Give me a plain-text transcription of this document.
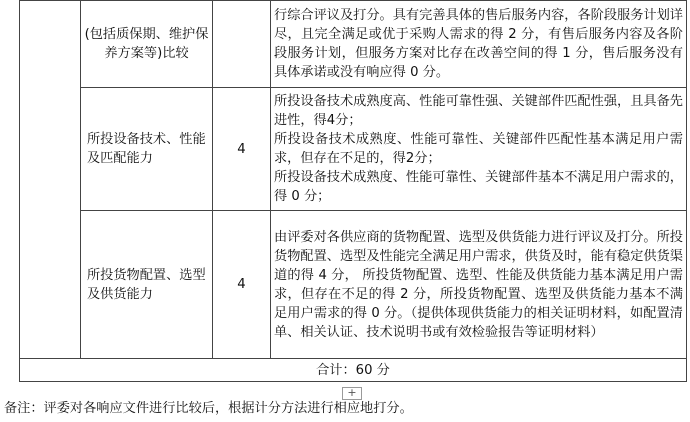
	(包括质保期、维护保养方案等)比较		行综合评议及打分。具有完善具体的售后服务内容，各阶段服务计划详尽，且完全满足或优于采购人需求的得 2 分，有售后服务内容及各阶段服务计划，但服务方案对比存在改善空间的得 1 分，售后服务没有具体承诺或没有响应得 0 分。

	所投设备技术、性能及匹配能力	4	所投设备技术成熟度高、性能可靠性强、关键部件匹配性强，且具备先进性，得4分；
所投设备技术成熟度、性能可靠性、关键部件匹配性基本满足用户需求，但存在不足的，得2分；
所投设备技术成熟度、性能可靠性、关键部件基本不满足用户需求的，得 0 分；

	所投货物配置、选型及供货能力	4	由评委对各供应商的货物配置、选型及供货能力进行评议及打分。所投货物配置、选型及性能完全满足用户需求，供货及时，能有稳定供货渠道的得 4 分， 所投货物配置、选型、性能及供货能力基本满足用户需求，但存在不足的得 2 分，所投货物配置、选型及供货能力基本不满足用户需求的得 0 分。（提供体现供货能力的相关证明材料，如配置清单、相关认证、技术说明书或有效检验报告等证明材料）

合计：60 分			
+
备注：评委对各响应文件进行比较后，根据计分方法进行相应地打分。
